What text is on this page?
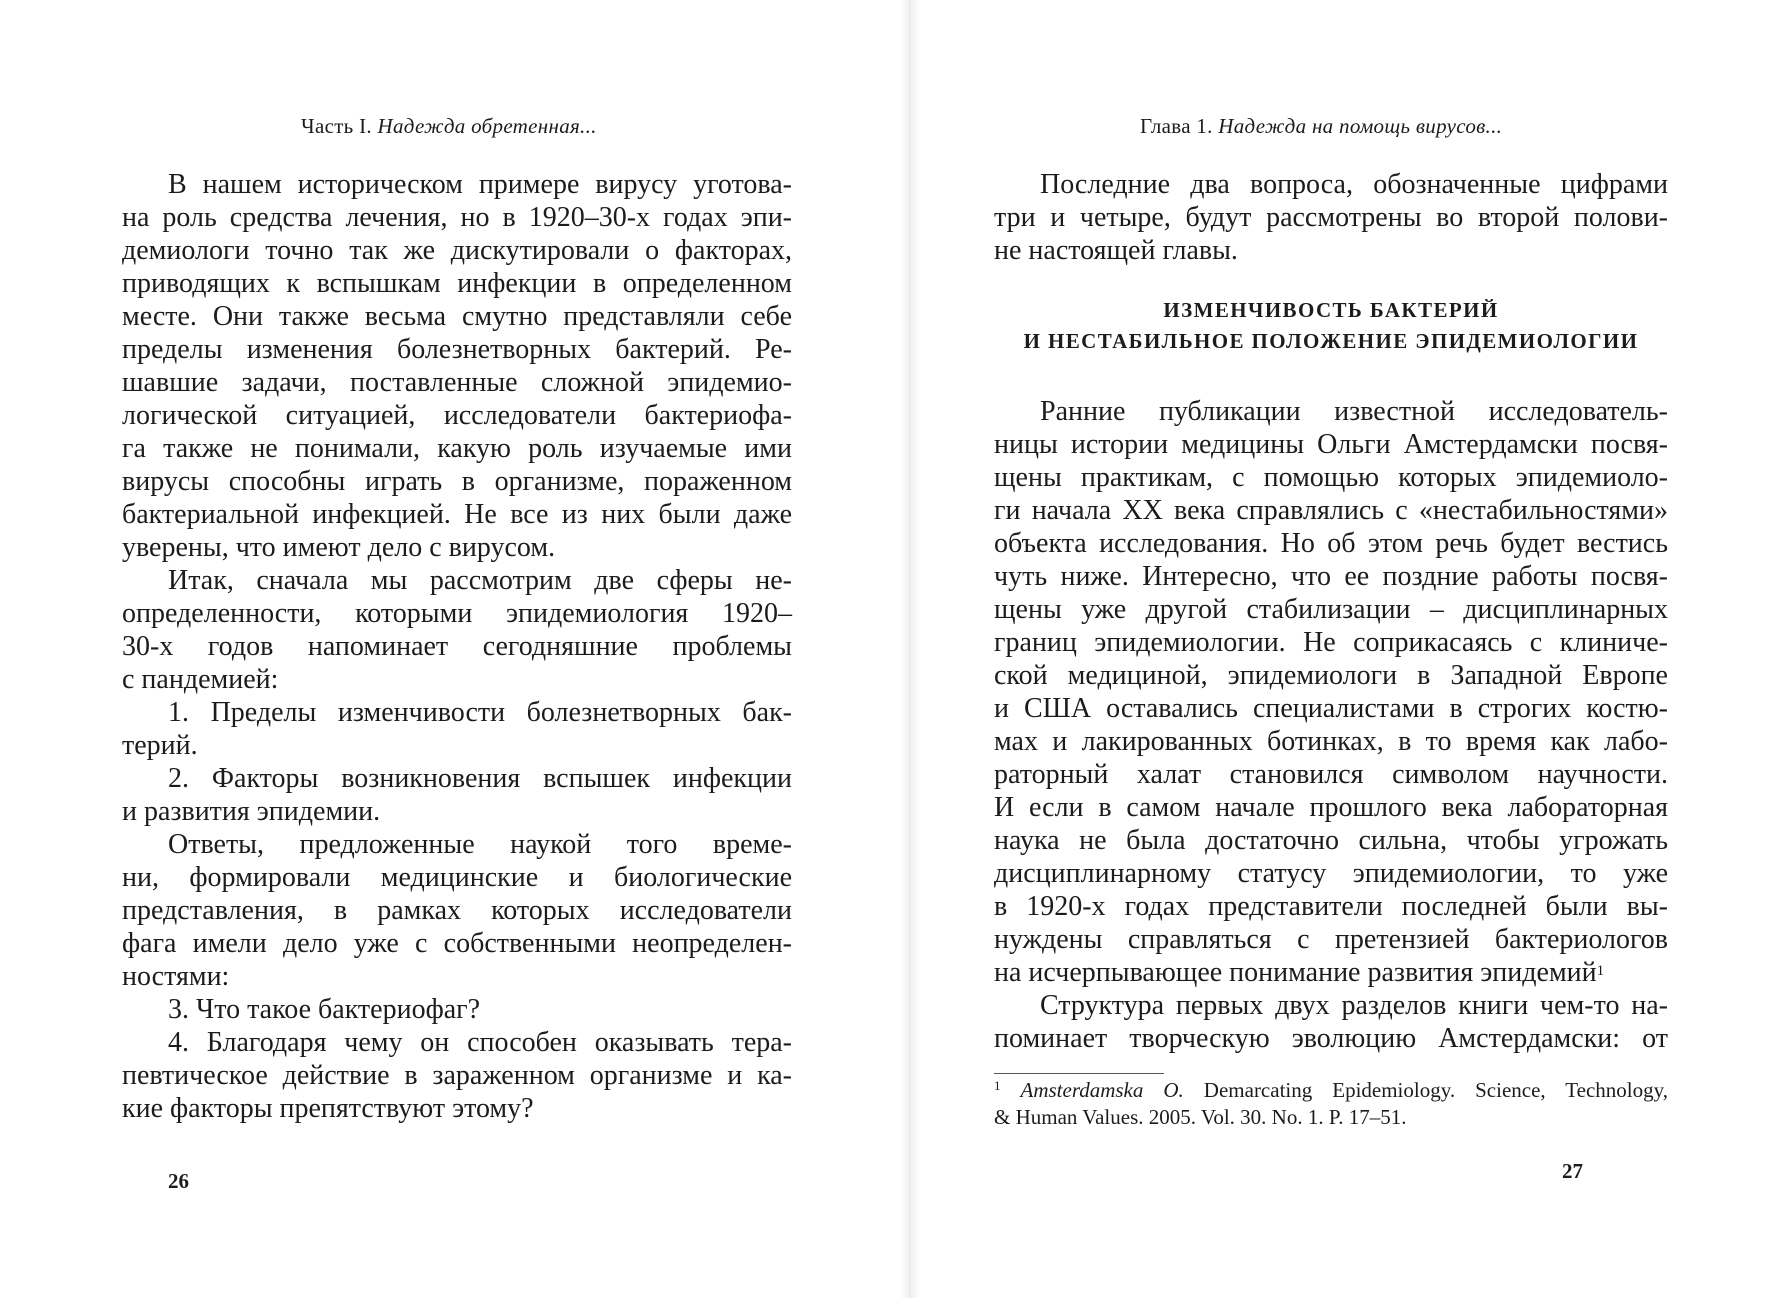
Часть I. Надежда обретенная...
В нашем историческом примере вирусу уготова-
на роль средства лечения, но в 1920–30-х годах эпи-
демиологи точно так же дискутировали о факторах,
приводящих к вспышкам инфекции в определенном
месте. Они также весьма смутно представляли себе
пределы изменения болезнетворных бактерий. Ре-
шавшие задачи, поставленные сложной эпидемио-
логической ситуацией, исследователи бактериофа-
га также не понимали, какую роль изучаемые ими
вирусы способны играть в организме, пораженном
бактериальной инфекцией. Не все из них были даже
уверены, что имеют дело с вирусом.
Итак, сначала мы рассмотрим две сферы не-
определенности, которыми эпидемиология 1920–
30-х годов напоминает сегодняшние проблемы
с пандемией:
1. Пределы изменчивости болезнетворных бак-
терий.
2. Факторы возникновения вспышек инфекции
и развития эпидемии.
Ответы, предложенные наукой того време-
ни, формировали медицинские и биологические
представления, в рамках которых исследователи
фага имели дело уже с собственными неопределен-
ностями:
3. Что такое бактериофаг?
4. Благодаря чему он способен оказывать тера-
певтическое действие в зараженном организме и ка-
кие факторы препятствуют этому?
26
Глава 1. Надежда на помощь вирусов...
Последние два вопроса, обозначенные цифрами
три и четыре, будут рассмотрены во второй полови-
не настоящей главы.
ИЗМЕНЧИВОСТЬ БАКТЕРИЙ
И НЕСТАБИЛЬНОЕ ПОЛОЖЕНИЕ ЭПИДЕМИОЛОГИИ
Ранние публикации известной исследователь-
ницы истории медицины Ольги Амстердамски посвя-
щены практикам, с помощью которых эпидемиоло-
ги начала XX века справлялись с «нестабильностями»
объекта исследования. Но об этом речь будет вестись
чуть ниже. Интересно, что ее поздние работы посвя-
щены уже другой стабилизации – дисциплинарных
границ эпидемиологии. Не соприкасаясь с клиниче-
ской медициной, эпидемиологи в Западной Европе
и США оставались специалистами в строгих костю-
мах и лакированных ботинках, в то время как лабо-
раторный халат становился символом научности.
И если в самом начале прошлого века лабораторная
наука не была достаточно сильна, чтобы угрожать
дисциплинарному статусу эпидемиологии, то уже
в 1920-х годах представители последней были вы-
нуждены справляться с претензией бактериологов
на исчерпывающее понимание развития эпидемий$^1$
Структура первых двух разделов книги чем-то на-
поминает творческую эволюцию Амстердамски: от
$^1$ Amsterdamska O. Demarcating Epidemiology. Science, Technology,
& Human Values. 2005. Vol. 30. No. 1. P. 17–51.
27
